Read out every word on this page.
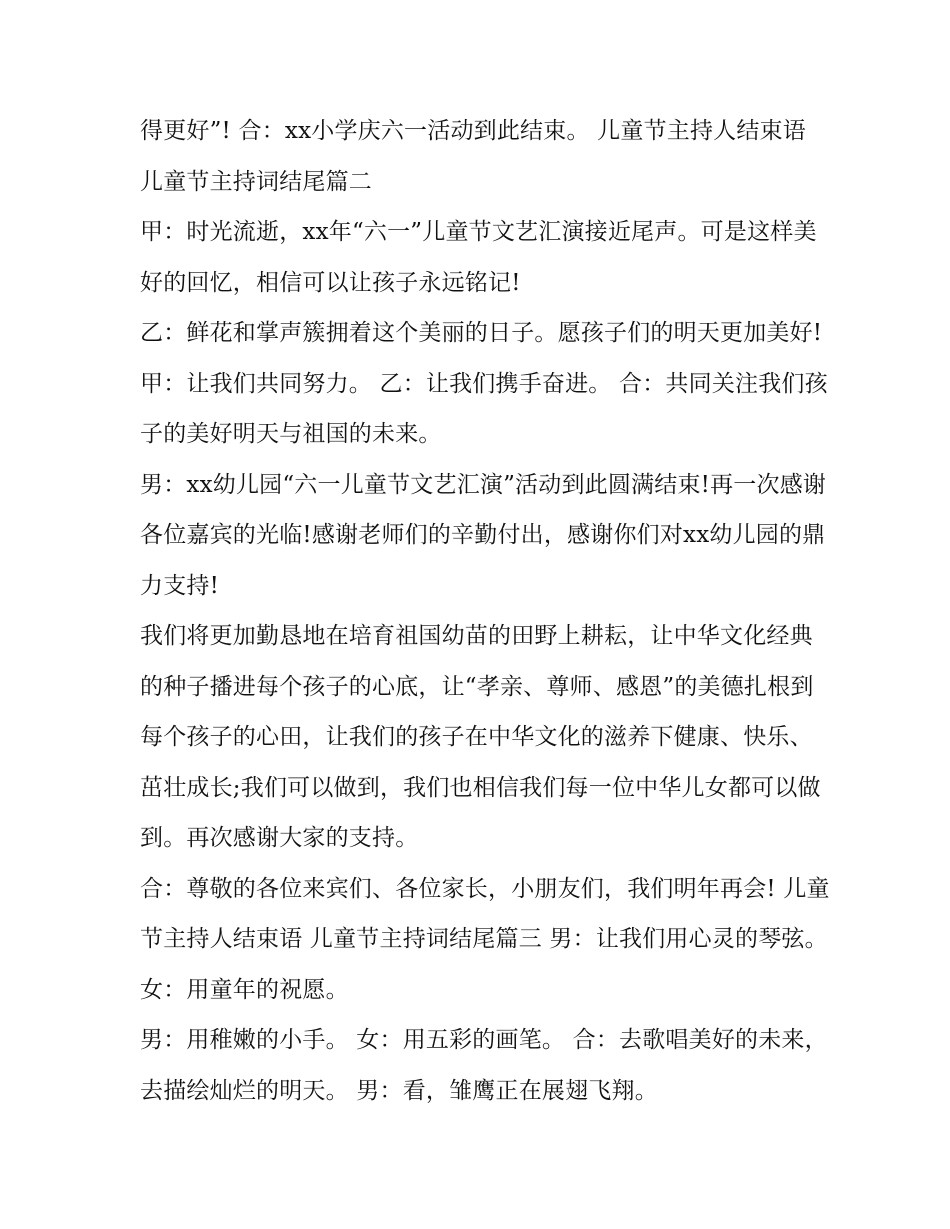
得更好”! 合：xx小学庆六一活动到此结束。 儿童节主持人结束语 儿童节主持词结尾篇二

甲：时光流逝，xx年“六一”儿童节文艺汇演接近尾声。可是这样美好的回忆，相信可以让孩子永远铭记!

乙：鲜花和掌声簇拥着这个美丽的日子。愿孩子们的明天更加美好! 甲：让我们共同努力。 乙：让我们携手奋进。 合：共同关注我们孩子的美好明天与祖国的未来。

男：xx幼儿园“六一儿童节文艺汇演”活动到此圆满结束!再一次感谢各位嘉宾的光临!感谢老师们的辛勤付出，感谢你们对xx幼儿园的鼎力支持!

我们将更加勤恳地在培育祖国幼苗的田野上耕耘，让中华文化经典的种子播进每个孩子的心底，让“孝亲、尊师、感恩”的美德扎根到每个孩子的心田，让我们的孩子在中华文化的滋养下健康、快乐、茁壮成长;我们可以做到，我们也相信我们每一位中华儿女都可以做到。再次感谢大家的支持。

合：尊敬的各位来宾们、各位家长，小朋友们，我们明年再会! 儿童节主持人结束语 儿童节主持词结尾篇三 男：让我们用心灵的琴弦。 女：用童年的祝愿。

男：用稚嫩的小手。 女：用五彩的画笔。 合：去歌唱美好的未来，去描绘灿烂的明天。 男：看，雏鹰正在展翅飞翔。
